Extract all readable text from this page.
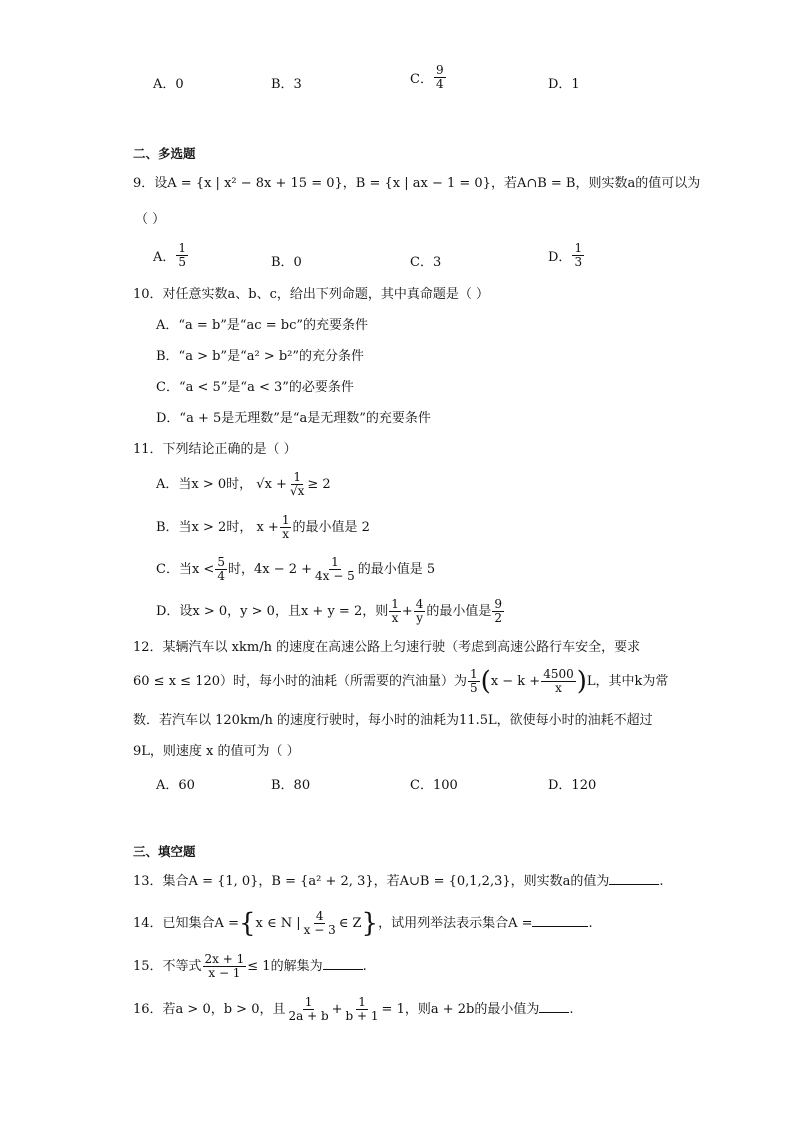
A．0	B．3	C． $\frac{9}{4}$	D．1
二、多选题
9．设A = {x | x² − 8x + 15 = 0}，B = {x | ax − 1 = 0}，若A∩B = B，则实数a的值可以为
（ ）
A． $\frac{1}{5}$	B．0	C．3	D． $\frac{1}{3}$
10．对任意实数a、b、c，给出下列命题，其中真命题是（ ）
A．“a = b”是“ac = bc”的充要条件
B．“a > b”是“a² > b²”的充分条件
C．“a < 5”是“a < 3”的必要条件
D．“a + 5是无理数”是“a是无理数”的充要条件
11．下列结论正确的是（ ）
A．当x > 0时， $√x + \frac{1}{√x} \ge 2$
B．当x > 2时， $x + \frac{1}{x}$ 的最小值是 2
C．当$x < \frac{5}{4}$ 时，$4x - 2 + \frac{1}{4x - 5}$ 的最小值是 5
D．设x > 0，y > 0，且x + y = 2，则 $\frac{1}{x} + \frac{4}{y}$ 的最小值是 $\frac{9}{2}$
12．某辆汽车以 xkm/h 的速度在高速公路上匀速行驶（考虑到高速公路行车安全，要求
60 ≤ x ≤ 120）时，每小时的油耗（所需要的汽油量）为 $\frac{1}{5} (x - k + \frac{4500}{x} )L$，其中k为常
数．若汽车以 120km/h 的速度行驶时，每小时的油耗为11.5L，欲使每小时的油耗不超过
9L，则速度 x 的值可为（ ）
A．60	B．80	C．100	D．120
三、填空题
13．集合A = {1, 0}，B = {a² + 2, 3}，若A∪B = {0,1,2,3}，则实数a的值为	.
14．已知集合A ={x ∈ N | $\frac{4}{x - 3}$ ∈ Z}，试用列举法表示集合A =	.
15．不等式 $\frac{2x + 1}{x - 1} \le 1$的解集为	.
16．若a > 0，b > 0，且 $\frac{1}{2a + b} + \frac{1}{b + 1} = 1$，则a + 2b的最小值为 .
